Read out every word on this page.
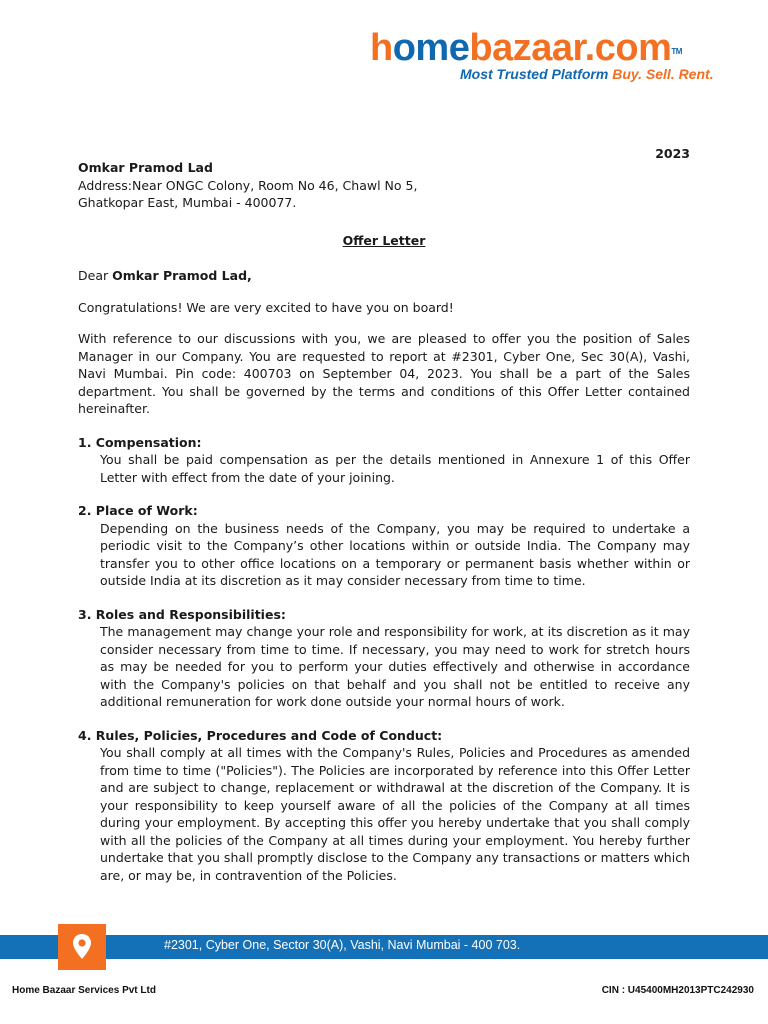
homebazaar.com™
Most Trusted Platform Buy. Sell. Rent.
2023
Omkar Pramod Lad
Address:Near ONGC Colony, Room No 46, Chawl No 5,
Ghatkopar East, Mumbai - 400077.
Offer Letter

Dear Omkar Pramod Lad,

Congratulations! We are very excited to have you on board!

With reference to our discussions with you, we are pleased to offer you the position of Sales Manager in our Company. You are requested to report at #2301, Cyber One, Sec 30(A), Vashi, Navi Mumbai. Pin code: 400703 on September 04, 2023. You shall be a part of the Sales department. You shall be governed by the terms and conditions of this Offer Letter contained hereinafter.

1. Compensation:
You shall be paid compensation as per the details mentioned in Annexure 1 of this Offer Letter with effect from the date of your joining.
2. Place of Work:
Depending on the business needs of the Company, you may be required to undertake a periodic visit to the Company’s other locations within or outside India. The Company may transfer you to other office locations on a temporary or permanent basis whether within or outside India at its discretion as it may consider necessary from time to time.
3. Roles and Responsibilities:
The management may change your role and responsibility for work, at its discretion as it may consider necessary from time to time. If necessary, you may need to work for stretch hours as may be needed for you to perform your duties effectively and otherwise in accordance with the Company's policies on that behalf and you shall not be entitled to receive any additional remuneration for work done outside your normal hours of work.
4. Rules, Policies, Procedures and Code of Conduct:
You shall comply at all times with the Company's Rules, Policies and Procedures as amended from time to time ("Policies"). The Policies are incorporated by reference into this Offer Letter and are subject to change, replacement or withdrawal at the discretion of the Company. It is your responsibility to keep yourself aware of all the policies of the Company at all times during your employment. By accepting this offer you hereby undertake that you shall comply with all the policies of the Company at all times during your employment. You hereby further undertake that you shall promptly disclose to the Company any transactions or matters which are, or may be, in contravention of the Policies.
#2301, Cyber One, Sector 30(A), Vashi, Navi Mumbai - 400 703.
Home Bazaar Services Pvt Ltd	CIN : U45400MH2013PTC242930
